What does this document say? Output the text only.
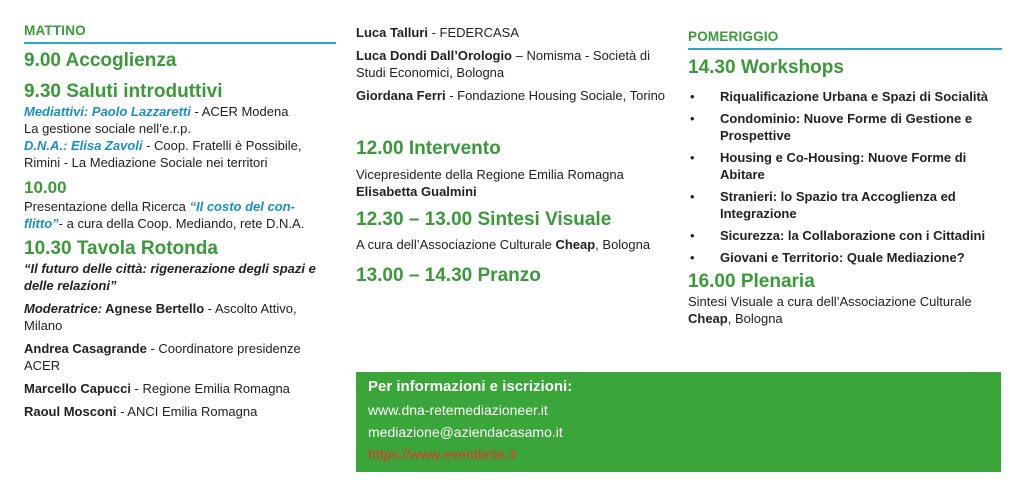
MATTINO
9.00 Accoglienza
9.30 Saluti introduttivi
Mediattivi: Paolo Lazzaretti - ACER Modena
La gestione sociale nell’e.r.p.
D.N.A.: Elisa Zavoli - Coop. Fratelli è Possibile, Rimini - La Mediazione Sociale nei territori
10.00
Presentazione della Ricerca “Il costo del con- flitto”- a cura della Coop. Mediando, rete D.N.A.
10.30 Tavola Rotonda
“Il futuro delle città: rigenerazione degli spazi e delle relazioni”
Moderatrice: Agnese Bertello - Ascolto Attivo, Milano
Andrea Casagrande - Coordinatore presidenze ACER
Marcello Capucci - Regione Emilia Romagna
Raoul Mosconi - ANCI Emilia Romagna
Luca Talluri - FEDERCASA
Luca Dondi Dall’Orologio – Nomisma - Società di Studi Economici, Bologna
Giordana Ferri - Fondazione Housing Sociale, Torino
12.00 Intervento
Vicepresidente della Regione Emilia Romagna
Elisabetta Gualmini
12.30 – 13.00 Sintesi Visuale
A cura dell’Associazione Culturale Cheap, Bologna
13.00 – 14.30 Pranzo
POMERIGGIO
14.30 Workshops
• Riqualificazione Urbana e Spazi di Socialità
• Condominio: Nuove Forme di Gestione e Prospettive
• Housing e Co-Housing: Nuove Forme di Abitare
• Stranieri: lo Spazio tra Accoglienza ed Integrazione
• Sicurezza: la Collaborazione con i Cittadini
• Giovani e Territorio: Quale Mediazione?
16.00 Plenaria
Sintesi Visuale a cura dell’Associazione Culturale Cheap, Bologna
Per informazioni e iscrizioni:
www.dna-retemediazioneer.it
mediazione@aziendacasamo.it
https://www.eventbrite.it
